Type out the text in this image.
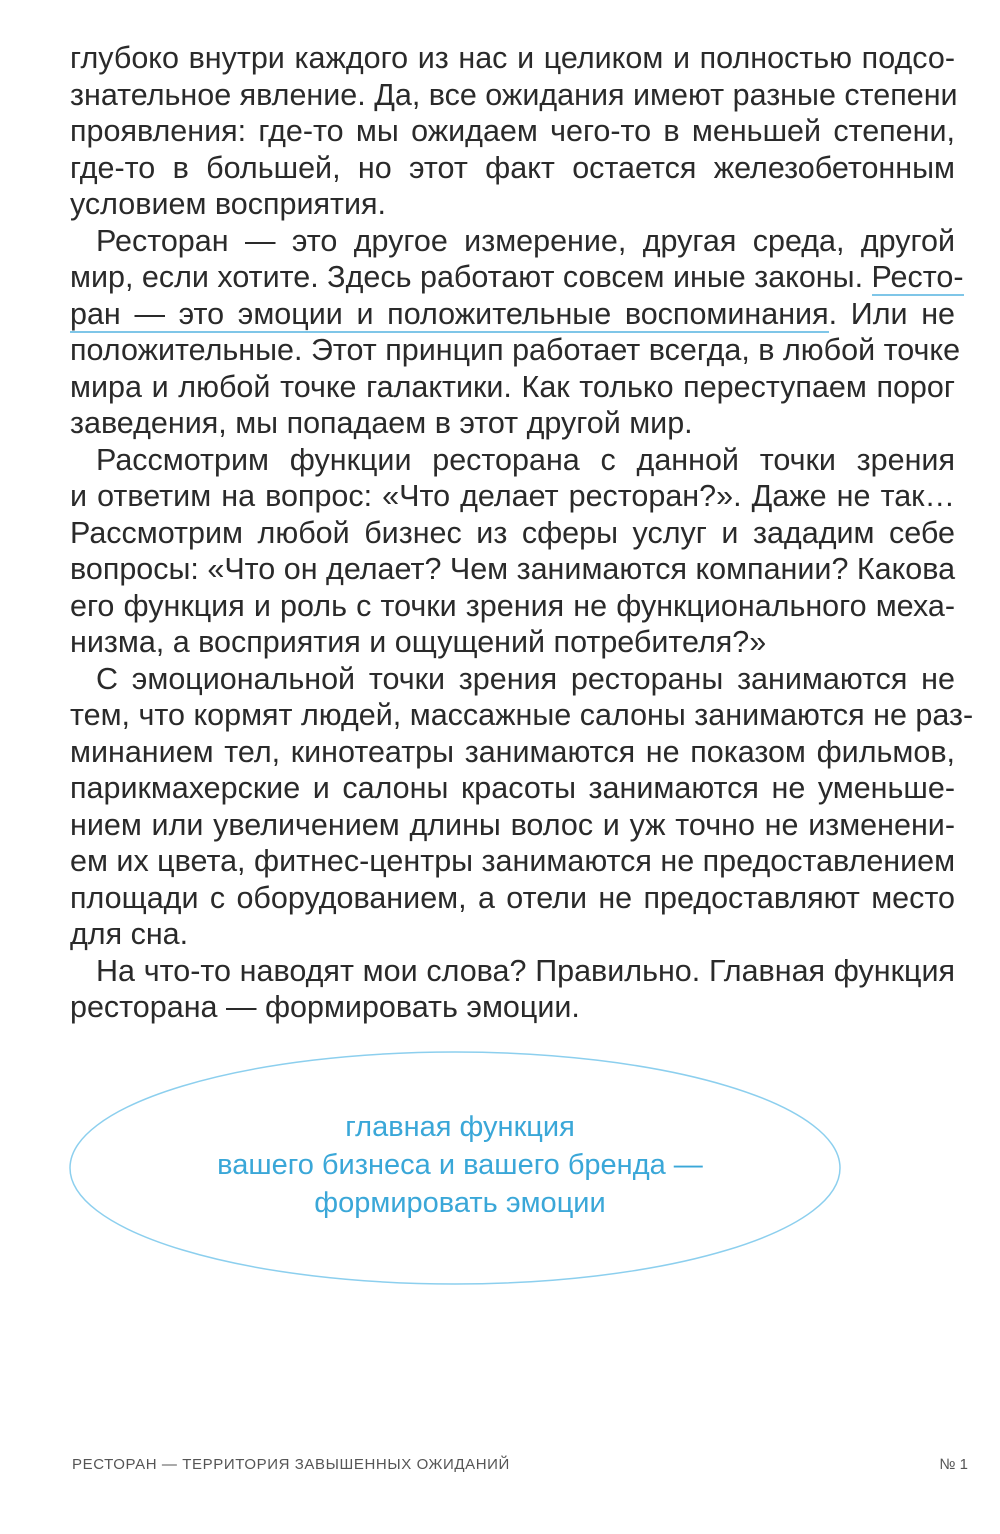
глубоко внутри каждого из нас и целиком и полностью подсо-
знательное явление. Да, все ожидания имеют разные степени
проявления: где-то мы ожидаем чего-то в меньшей степени,
где-то в большей, но этот факт остается железобетонным
условием восприятия.
Ресторан — это другое измерение, другая среда, другой
мир, если хотите. Здесь работают совсем иные законы. Ресто-
ран — это эмоции и положительные воспоминания. Или не
положительные. Этот принцип работает всегда, в любой точке
мира и любой точке галактики. Как только переступаем порог
заведения, мы попадаем в этот другой мир.
Рассмотрим функции ресторана с данной точки зрения
и ответим на вопрос: «Что делает ресторан?». Даже не так…
Рассмотрим любой бизнес из сферы услуг и зададим себе
вопросы: «Что он делает? Чем занимаются компании? Какова
его функция и роль с точки зрения не функционального меха-
низма, а восприятия и ощущений потребителя?»
С эмоциональной точки зрения рестораны занимаются не
тем, что кормят людей, массажные салоны занимаются не раз-
минанием тел, кинотеатры занимаются не показом фильмов,
парикмахерские и салоны красоты занимаются не уменьше-
нием или увеличением длины волос и уж точно не изменени-
ем их цвета, фитнес-центры занимаются не предоставлением
площади с оборудованием, а отели не предоставляют место
для сна.
На что-то наводят мои слова? Правильно. Главная функция
ресторана — формировать эмоции.
главная функция
вашего бизнеса и вашего бренда —
формировать эмоции
РЕСТОРАН — ТЕРРИТОРИЯ ЗАВЫШЕННЫХ ОЖИДАНИЙ	№ 1
